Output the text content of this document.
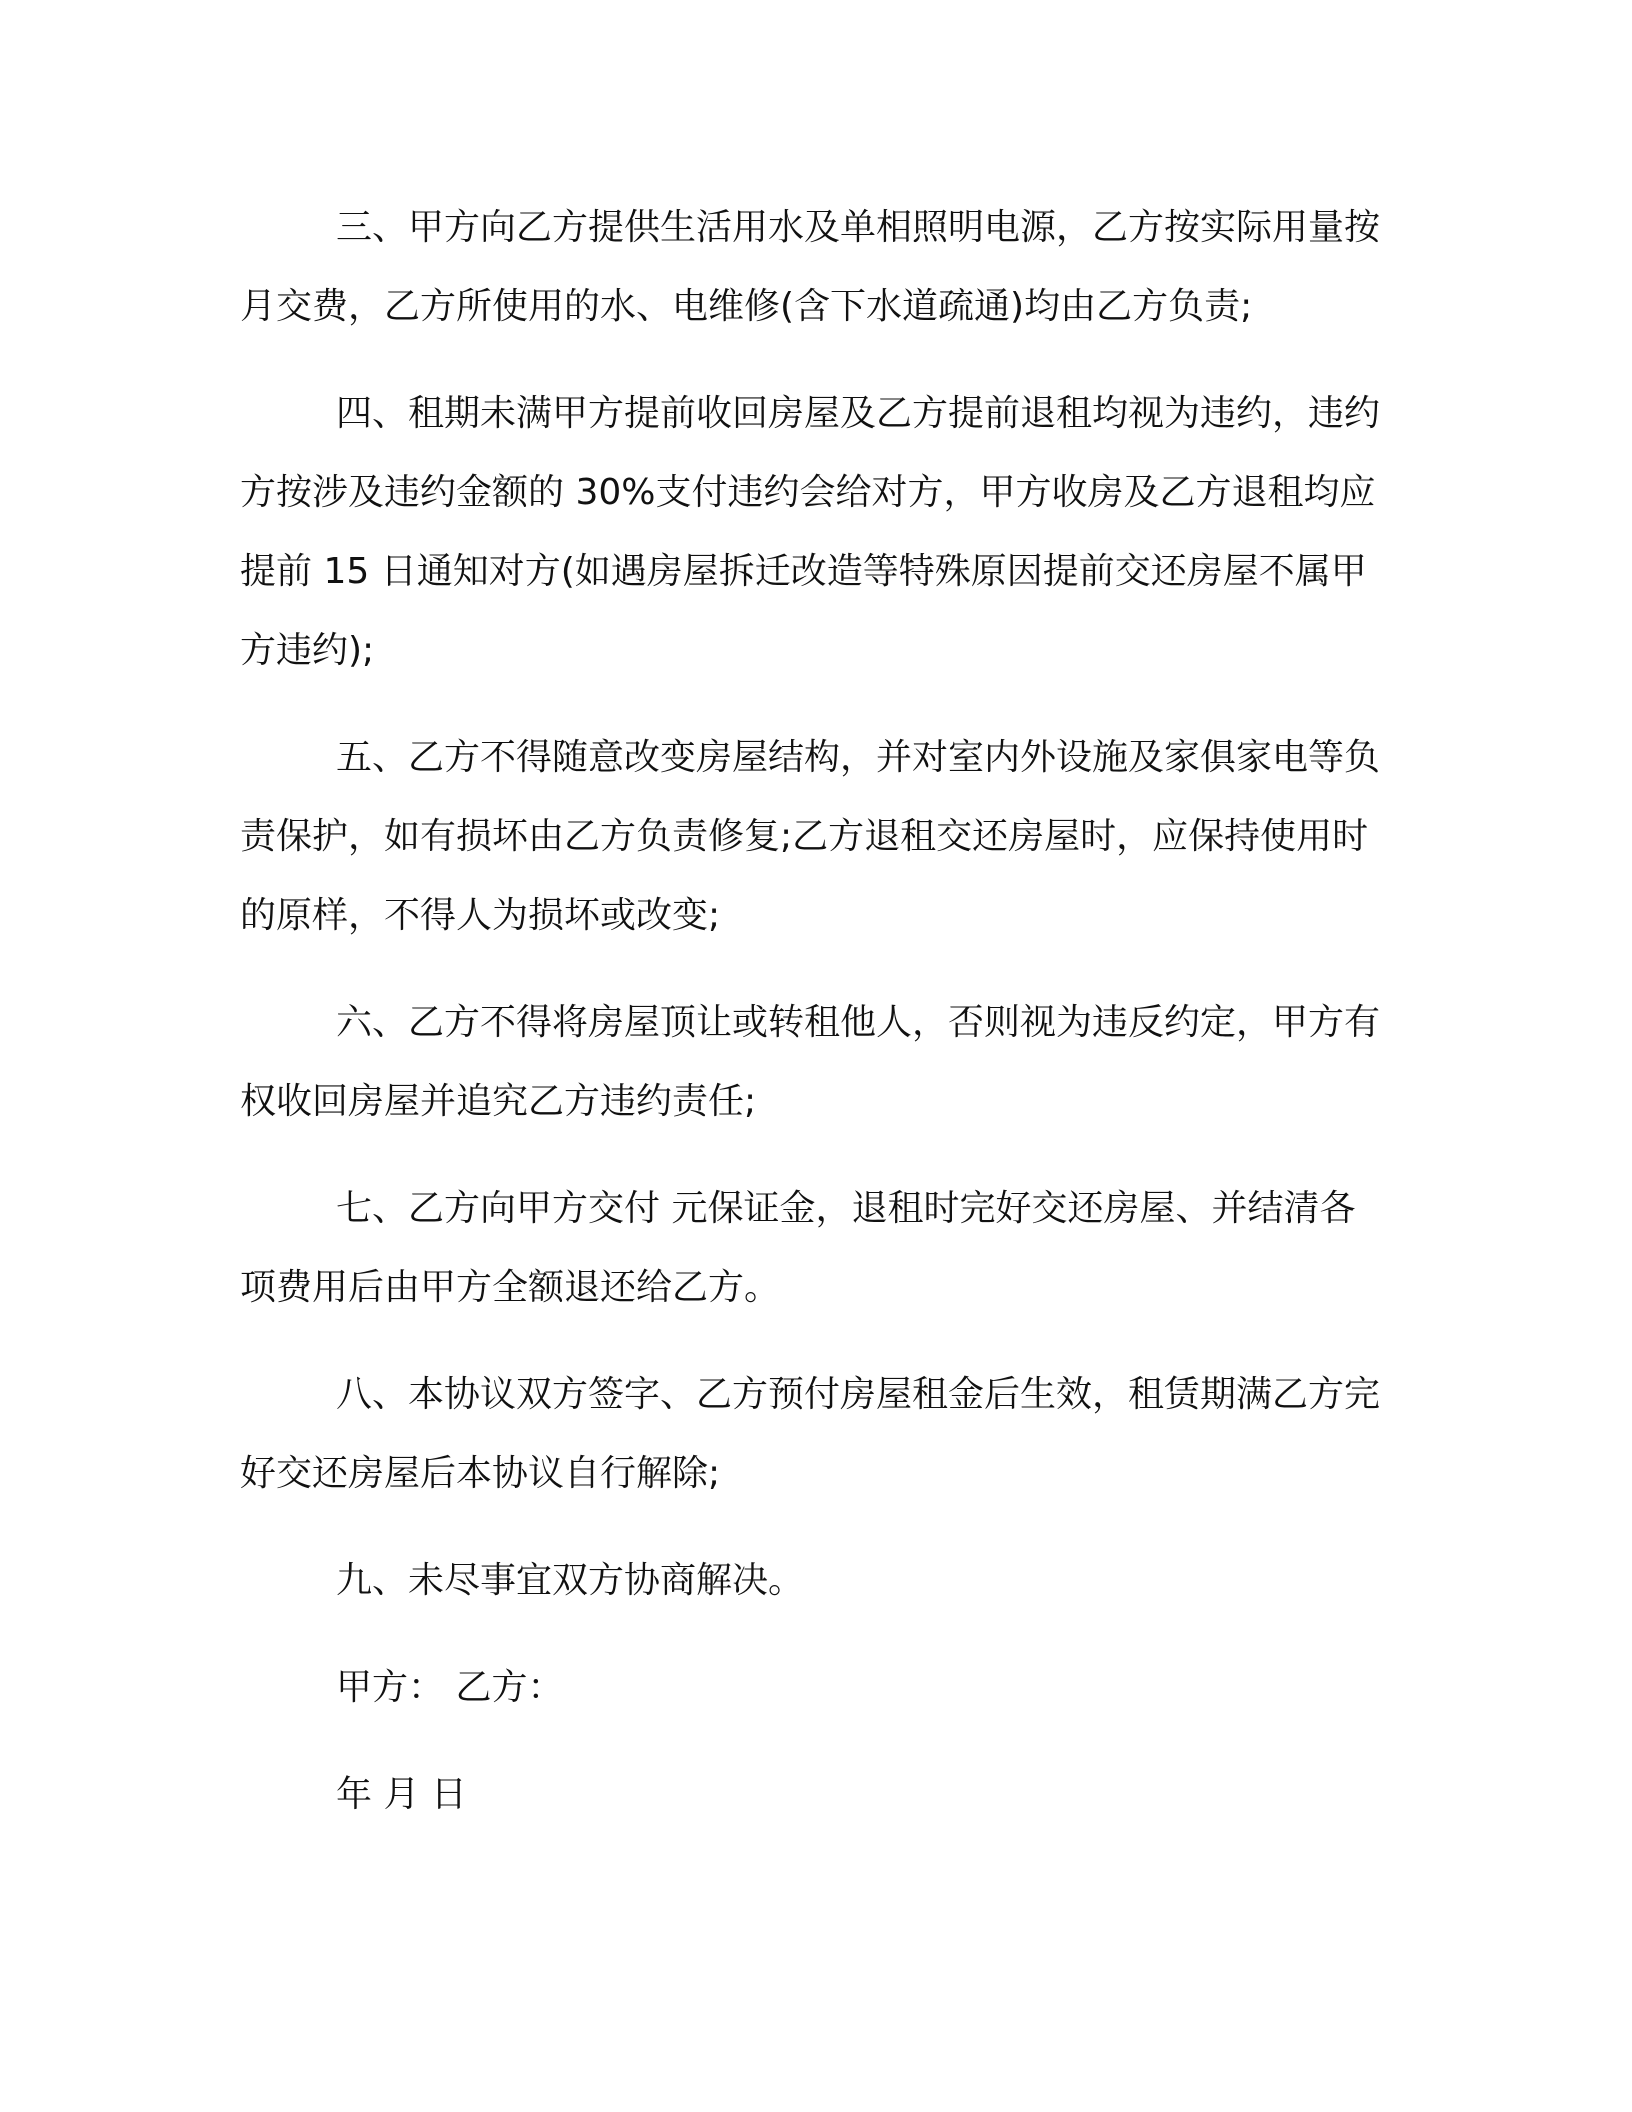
三、甲方向乙方提供生活用水及单相照明电源，乙方按实际用量按月交费，乙方所使用的水、电维修(含下水道疏通)均由乙方负责;

四、租期未满甲方提前收回房屋及乙方提前退租均视为违约，违约方按涉及违约金额的 30%支付违约会给对方，甲方收房及乙方退租均应提前 15 日通知对方(如遇房屋拆迁改造等特殊原因提前交还房屋不属甲方违约);

五、乙方不得随意改变房屋结构，并对室内外设施及家俱家电等负责保护，如有损坏由乙方负责修复;乙方退租交还房屋时，应保持使用时的原样，不得人为损坏或改变;

六、乙方不得将房屋顶让或转租他人，否则视为违反约定，甲方有权收回房屋并追究乙方违约责任;

七、乙方向甲方交付 元保证金，退租时完好交还房屋、并结清各项费用后由甲方全额退还给乙方。

八、本协议双方签字、乙方预付房屋租金后生效，租赁期满乙方完好交还房屋后本协议自行解除;

九、未尽事宜双方协商解决。

甲方： 乙方：

年 月 日
